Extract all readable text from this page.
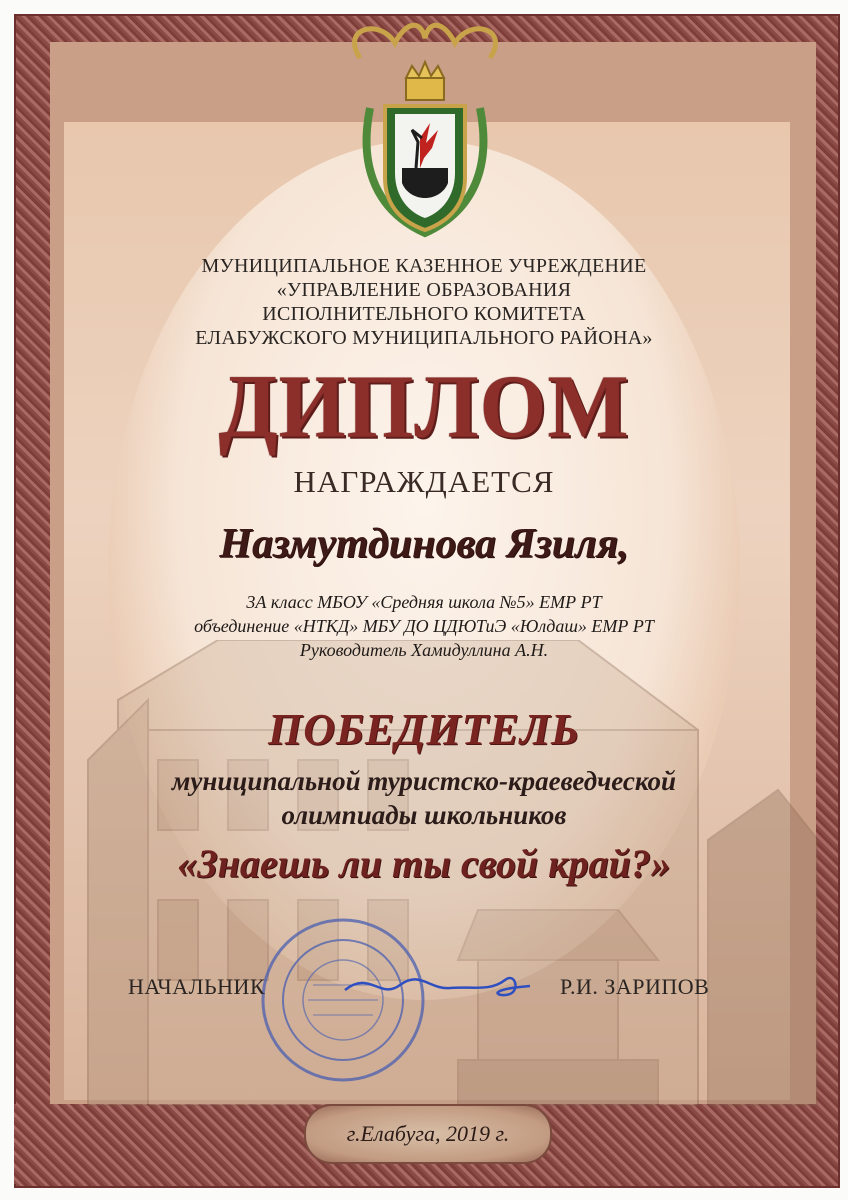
МУНИЦИПАЛЬНОЕ КАЗЕННОЕ УЧРЕЖДЕНИЕ
«УПРАВЛЕНИЕ ОБРАЗОВАНИЯ
ИСПОЛНИТЕЛЬНОГО КОМИТЕТА
ЕЛАБУЖСКОГО МУНИЦИПАЛЬНОГО РАЙОНА»
ДИПЛОМ
НАГРАЖДАЕТСЯ
Назмутдинова Язиля,
3А класс МБОУ «Средняя школа №5» ЕМР РТ
объединение «НТКД» МБУ ДО ЦДЮТиЭ «Юлдаш» ЕМР РТ
Руководитель Хамидуллина А.Н.
ПОБЕДИТЕЛЬ
муниципальной туристско-краеведческой
олимпиады школьников
«Знаешь ли ты свой край?»
НАЧАЛЬНИК	Р.И. ЗАРИПОВ
г.Елабуга, 2019 г.
